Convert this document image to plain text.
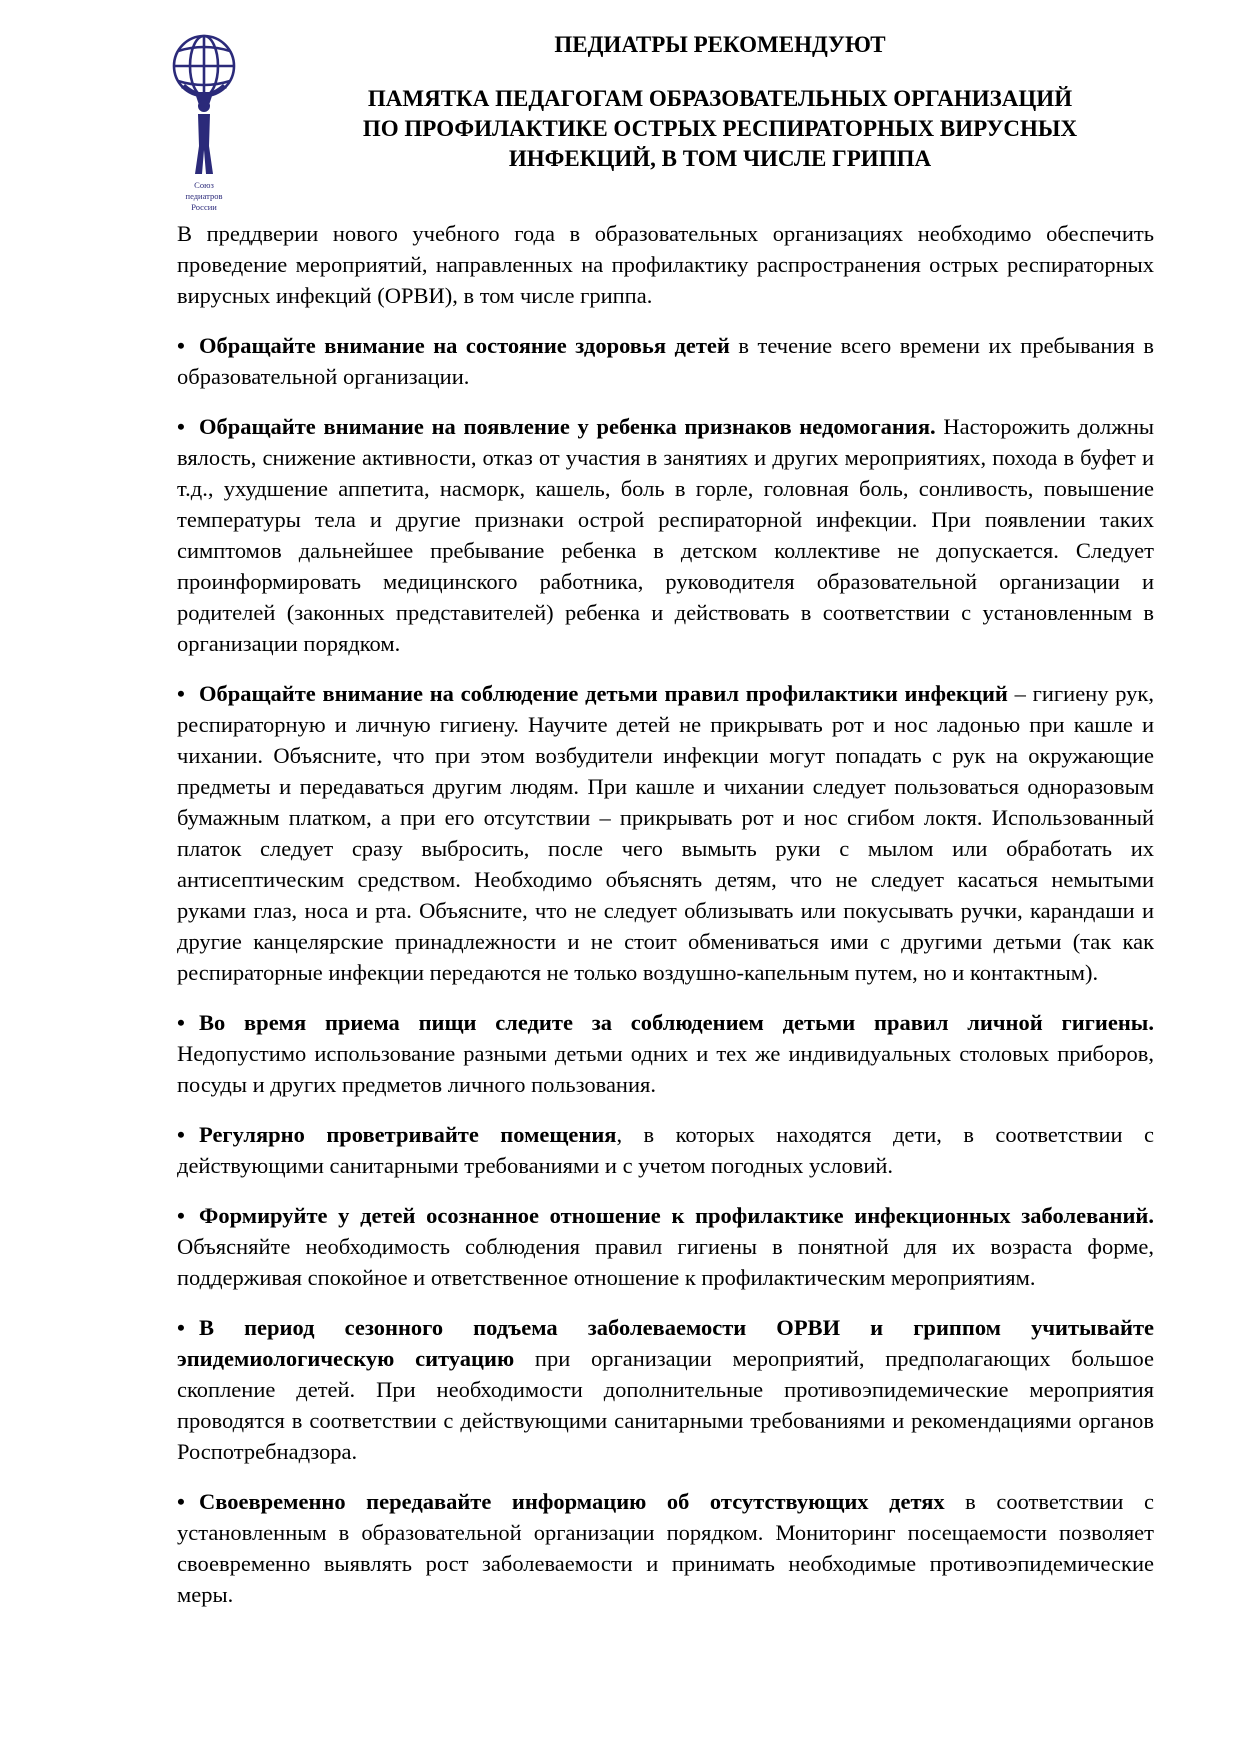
Союз
педиатров
России
ПЕДИАТРЫ РЕКОМЕНДУЮТ
ПАМЯТКА ПЕДАГОГАМ ОБРАЗОВАТЕЛЬНЫХ ОРГАНИЗАЦИЙ
ПО ПРОФИЛАКТИКЕ ОСТРЫХ РЕСПИРАТОРНЫХ ВИРУСНЫХ
ИНФЕКЦИЙ, В ТОМ ЧИСЛЕ ГРИППА

В преддверии нового учебного года в образовательных организациях необходимо обеспечить проведение мероприятий, направленных на профилактику распространения острых респираторных вирусных инфекций (ОРВИ), в том числе гриппа.

• Обращайте внимание на состояние здоровья детей в течение всего времени их пребывания в образовательной организации.

• Обращайте внимание на появление у ребенка признаков недомогания. Насторожить должны вялость, снижение активности, отказ от участия в занятиях и других мероприятиях, похода в буфет и т.д., ухудшение аппетита, насморк, кашель, боль в горле, головная боль, сонливость, повышение температуры тела и другие признаки острой респираторной инфекции. При появлении таких симптомов дальнейшее пребывание ребенка в детском коллективе не допускается. Следует проинформировать медицинского работника, руководителя образовательной организации и родителей (законных представителей) ребенка и действовать в соответствии с установленным в организации порядком.

• Обращайте внимание на соблюдение детьми правил профилактики инфекций – гигиену рук, респираторную и личную гигиену. Научите детей не прикрывать рот и нос ладонью при кашле и чихании. Объясните, что при этом возбудители инфекции могут попадать с рук на окружающие предметы и передаваться другим людям. При кашле и чихании следует пользоваться одноразовым бумажным платком, а при его отсутствии – прикрывать рот и нос сгибом локтя. Использованный платок следует сразу выбросить, после чего вымыть руки с мылом или обработать их антисептическим средством. Необходимо объяснять детям, что не следует касаться немытыми руками глаз, носа и рта. Объясните, что не следует облизывать или покусывать ручки, карандаши и другие канцелярские принадлежности и не стоит обмениваться ими с другими детьми (так как респираторные инфекции передаются не только воздушно-капельным путем, но и контактным).

• Во время приема пищи следите за соблюдением детьми правил личной гигиены. Недопустимо использование разными детьми одних и тех же индивидуальных столовых приборов, посуды и других предметов личного пользования.

• Регулярно проветривайте помещения, в которых находятся дети, в соответствии с действующими санитарными требованиями и с учетом погодных условий.

• Формируйте у детей осознанное отношение к профилактике инфекционных заболеваний. Объясняйте необходимость соблюдения правил гигиены в понятной для их возраста форме, поддерживая спокойное и ответственное отношение к профилактическим мероприятиям.

• В период сезонного подъема заболеваемости ОРВИ и гриппом учитывайте эпидемиологическую ситуацию при организации мероприятий, предполагающих большое скопление детей. При необходимости дополнительные противоэпидемические мероприятия проводятся в соответствии с действующими санитарными требованиями и рекомендациями органов Роспотребнадзора.

• Своевременно передавайте информацию об отсутствующих детях в соответствии с установленным в образовательной организации порядком. Мониторинг посещаемости позволяет своевременно выявлять рост заболеваемости и принимать необходимые противоэпидемические меры.
